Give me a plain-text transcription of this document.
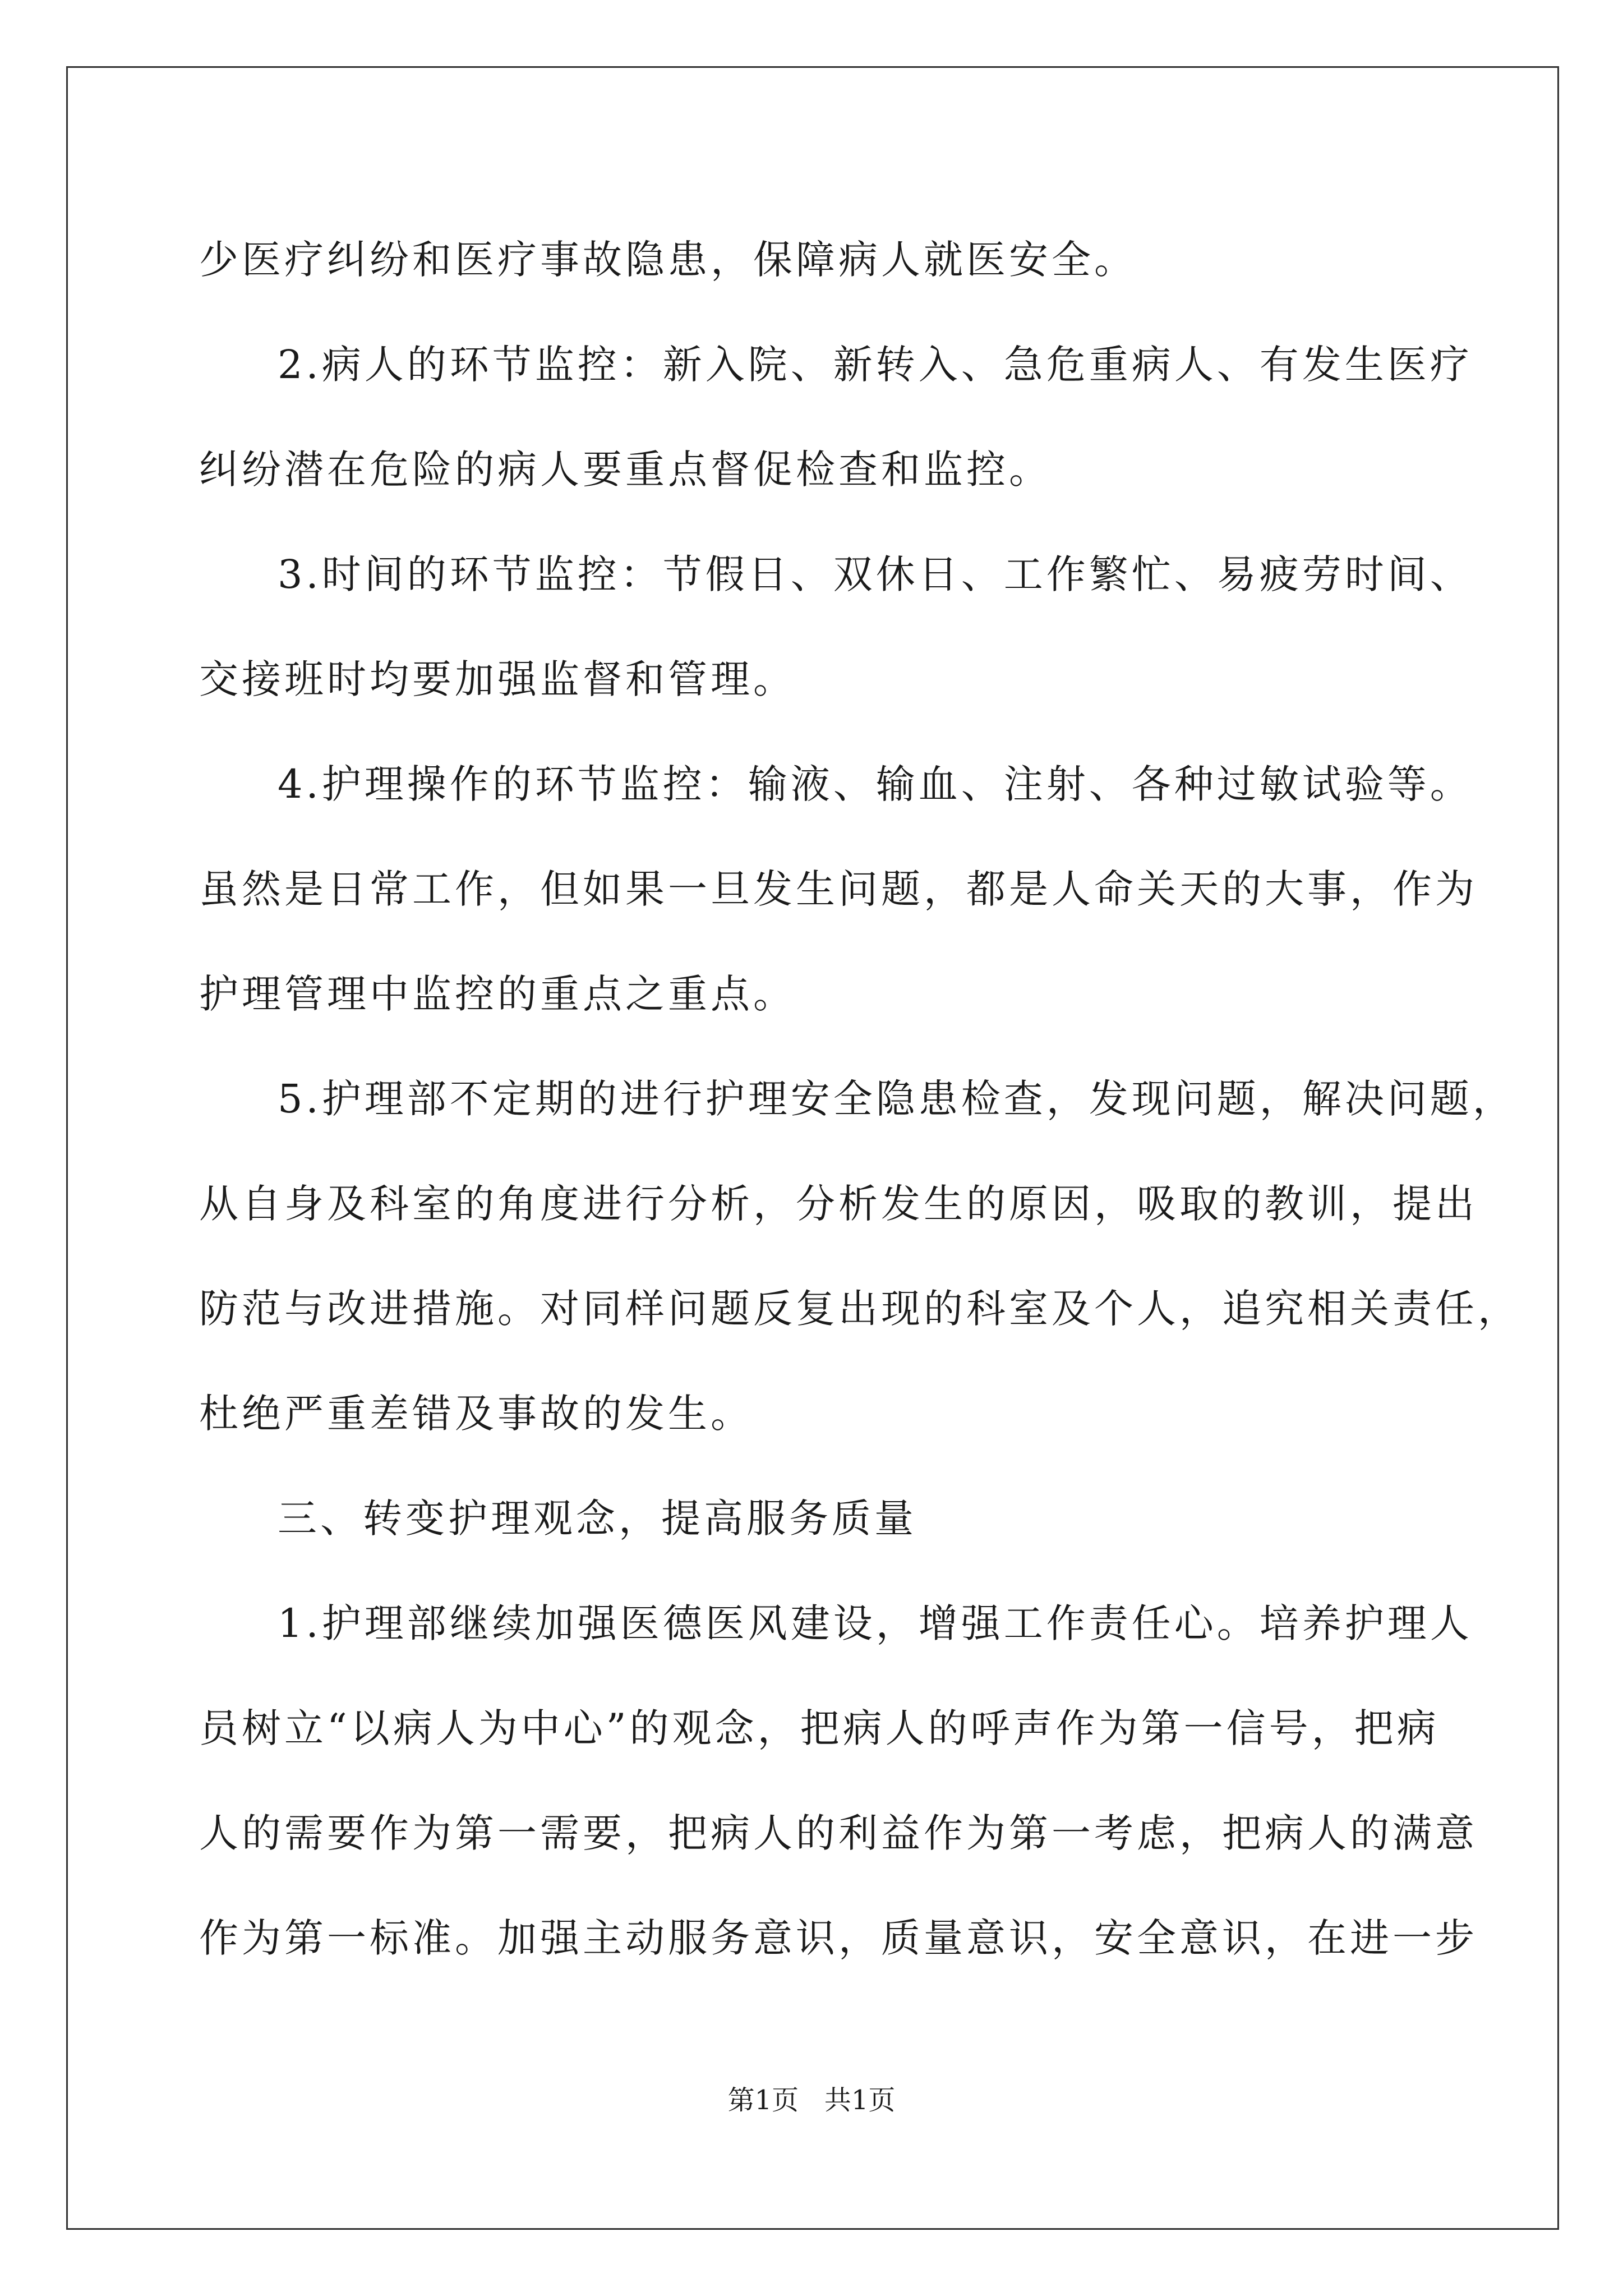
少医疗纠纷和医疗事故隐患，保障病人就医安全。
2.病人的环节监控：新入院、新转入、急危重病人、有发生医疗
纠纷潜在危险的病人要重点督促检查和监控。
3.时间的环节监控：节假日、双休日、工作繁忙、易疲劳时间、
交接班时均要加强监督和管理。
4.护理操作的环节监控：输液、输血、注射、各种过敏试验等。
虽然是日常工作，但如果一旦发生问题，都是人命关天的大事，作为
护理管理中监控的重点之重点。
5.护理部不定期的进行护理安全隐患检查，发现问题，解决问题，
从自身及科室的角度进行分析，分析发生的原因，吸取的教训，提出
防范与改进措施。对同样问题反复出现的科室及个人，追究相关责任，
杜绝严重差错及事故的发生。
三、转变护理观念，提高服务质量
1.护理部继续加强医德医风建设，增强工作责任心。培养护理人
员树立“以病人为中心”的观念，把病人的呼声作为第一信号，把病
人的需要作为第一需要，把病人的利益作为第一考虑，把病人的满意
作为第一标准。加强主动服务意识，质量意识，安全意识，在进一步
第1页   共1页
